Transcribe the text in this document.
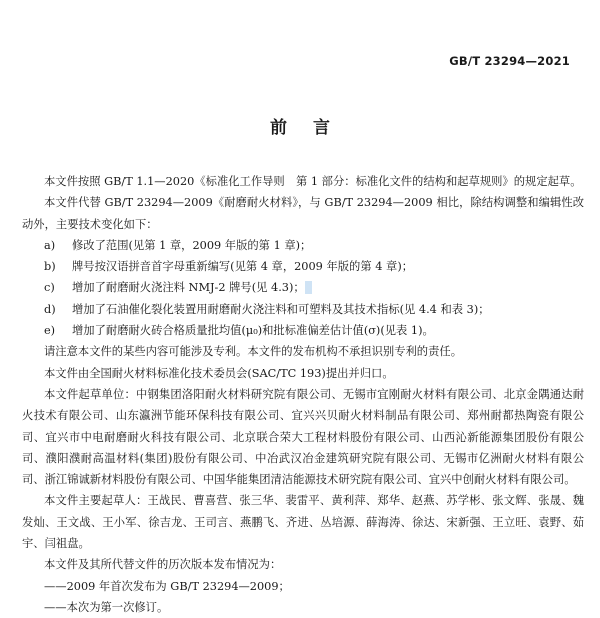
GB/T 23294—2021
前言

本文件按照 GB/T 1.1—2020《标准化工作导则　第 1 部分：标准化文件的结构和起草规则》的规定起草。

本文件代替 GB/T 23294—2009《耐磨耐火材料》，与 GB/T 23294—2009 相比，除结构调整和编辑性改动外，主要技术变化如下：

a) 修改了范围(见第 1 章，2009 年版的第 1 章)；

b) 牌号按汉语拼音首字母重新编写(见第 4 章，2009 年版的第 4 章)；

c) 增加了耐磨耐火浇注料 NMJ-2 牌号(见 4.3)；

d) 增加了石油催化裂化装置用耐磨耐火浇注料和可塑料及其技术指标(见 4.4 和表 3)；

e) 增加了耐磨耐火砖合格质量批均值(μ₀)和批标准偏差估计值(σ)(见表 1)。

请注意本文件的某些内容可能涉及专利。本文件的发布机构不承担识别专利的责任。

本文件由全国耐火材料标准化技术委员会(SAC/TC 193)提出并归口。

本文件起草单位：中钢集团洛阳耐火材料研究院有限公司、无锡市宜刚耐火材料有限公司、北京金隅通达耐火技术有限公司、山东瀛洲节能环保科技有限公司、宜兴兴贝耐火材料制品有限公司、郑州耐都热陶瓷有限公司、宜兴市中电耐磨耐火科技有限公司、北京联合荣大工程材料股份有限公司、山西沁新能源集团股份有限公司、濮阳濮耐高温材料(集团)股份有限公司、中冶武汉冶金建筑研究院有限公司、无锡市亿洲耐火材料有限公司、浙江锦诚新材料股份有限公司、中国华能集团清洁能源技术研究院有限公司、宜兴中创耐火材料有限公司。

本文件主要起草人：王战民、曹喜营、张三华、裴雷平、黄利萍、郑华、赵燕、苏学彬、张文辉、张晟、魏发灿、王文战、王小军、徐吉龙、王司言、燕鹏飞、齐进、丛培源、薛海涛、徐达、宋新强、王立旺、袁野、茹宇、闫祖盘。

本文件及其所代替文件的历次版本发布情况为：

——2009 年首次发布为 GB/T 23294—2009；

——本次为第一次修订。
